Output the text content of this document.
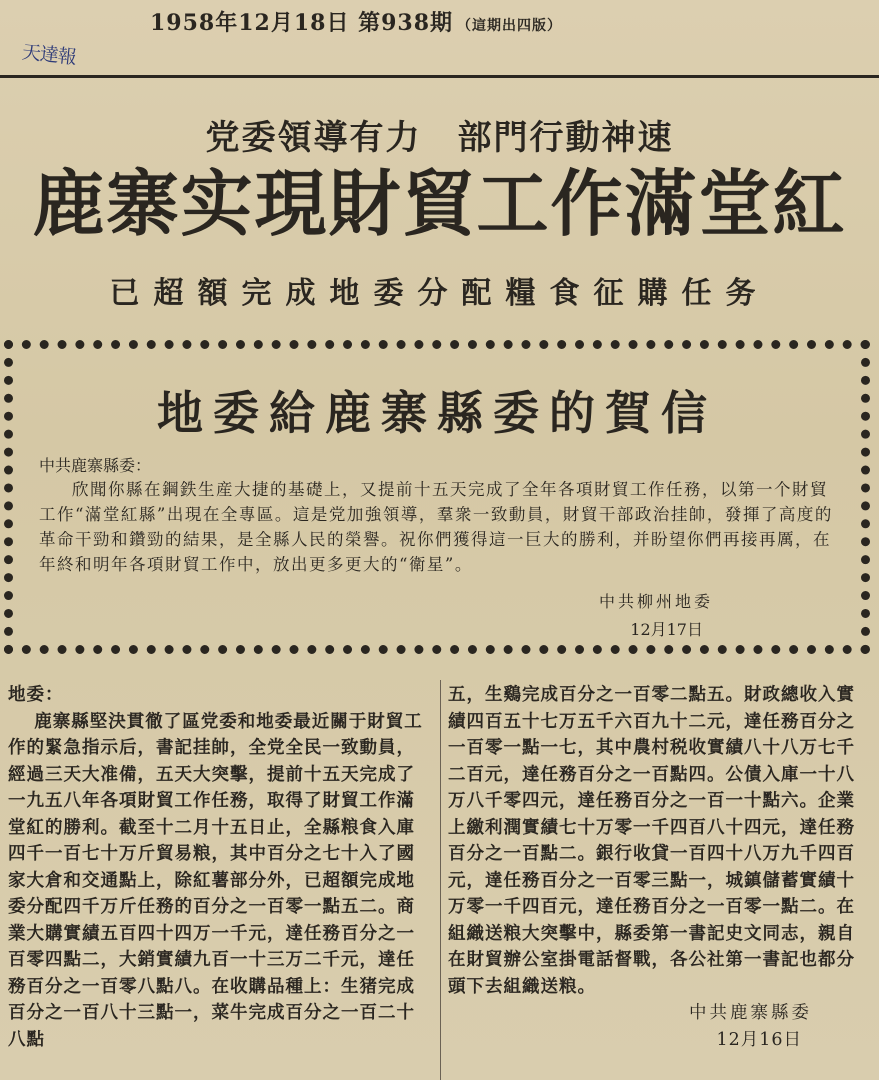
1958年12月18日 第938期 （這期出四版）
天達報
党委領導有力　部門行動神速
鹿寨实現財貿工作滿堂紅
已超額完成地委分配糧食征購任务
地委給鹿寨縣委的賀信
中共鹿寨縣委：

欣聞你縣在鋼鉄生産大捷的基礎上，又提前十五天完成了全年各項財貿工作任務，以第一个財貿工作“滿堂紅縣”出現在全專區。這是党加強領導，羣衆一致動員，財貿干部政治挂帥，發揮了高度的革命干勁和鑽勁的結果，是全縣人民的榮譽。祝你們獲得這一巨大的勝利，并盼望你們再接再厲，在年終和明年各項財貿工作中，放出更多更大的“衛星”。

中共柳州地委
12月17日
地委：

鹿寨縣堅決貫徹了區党委和地委最近關于財貿工作的緊急指示后，書記挂帥，全党全民一致動員，經過三天大准備，五天大突擊，提前十五天完成了一九五八年各項財貿工作任務，取得了財貿工作滿堂紅的勝利。截至十二月十五日止，全縣粮食入庫四千一百七十万斤貿易粮，其中百分之七十入了國家大倉和交通點上，除紅薯部分外，已超額完成地委分配四千万斤任務的百分之一百零一點五二。商業大購實績五百四十四万一千元，達任務百分之一百零四點二，大銷實績九百一十三万二千元，達任務百分之一百零八點八。在收購品種上：生猪完成百分之一百八十三點一，菜牛完成百分之一百二十八點

五，生鷄完成百分之一百零二點五。財政總收入實績四百五十七万五千六百九十二元，達任務百分之一百零一點一七，其中農村税收實績八十八万七千二百元，達任務百分之一百點四。公債入庫一十八万八千零四元，達任務百分之一百一十點六。企業上繳利潤實績七十万零一千四百八十四元，達任務百分之一百點二。銀行收貸一百四十八万九千四百元，達任務百分之一百零三點一，城鎮儲蓄實績十万零一千四百元，達任務百分之一百零一點二。在組織送粮大突擊中，縣委第一書記史文同志，親自在財貿辦公室掛電話督戰，各公社第一書記也都分頭下去組織送粮。

中共鹿寨縣委
12月16日
